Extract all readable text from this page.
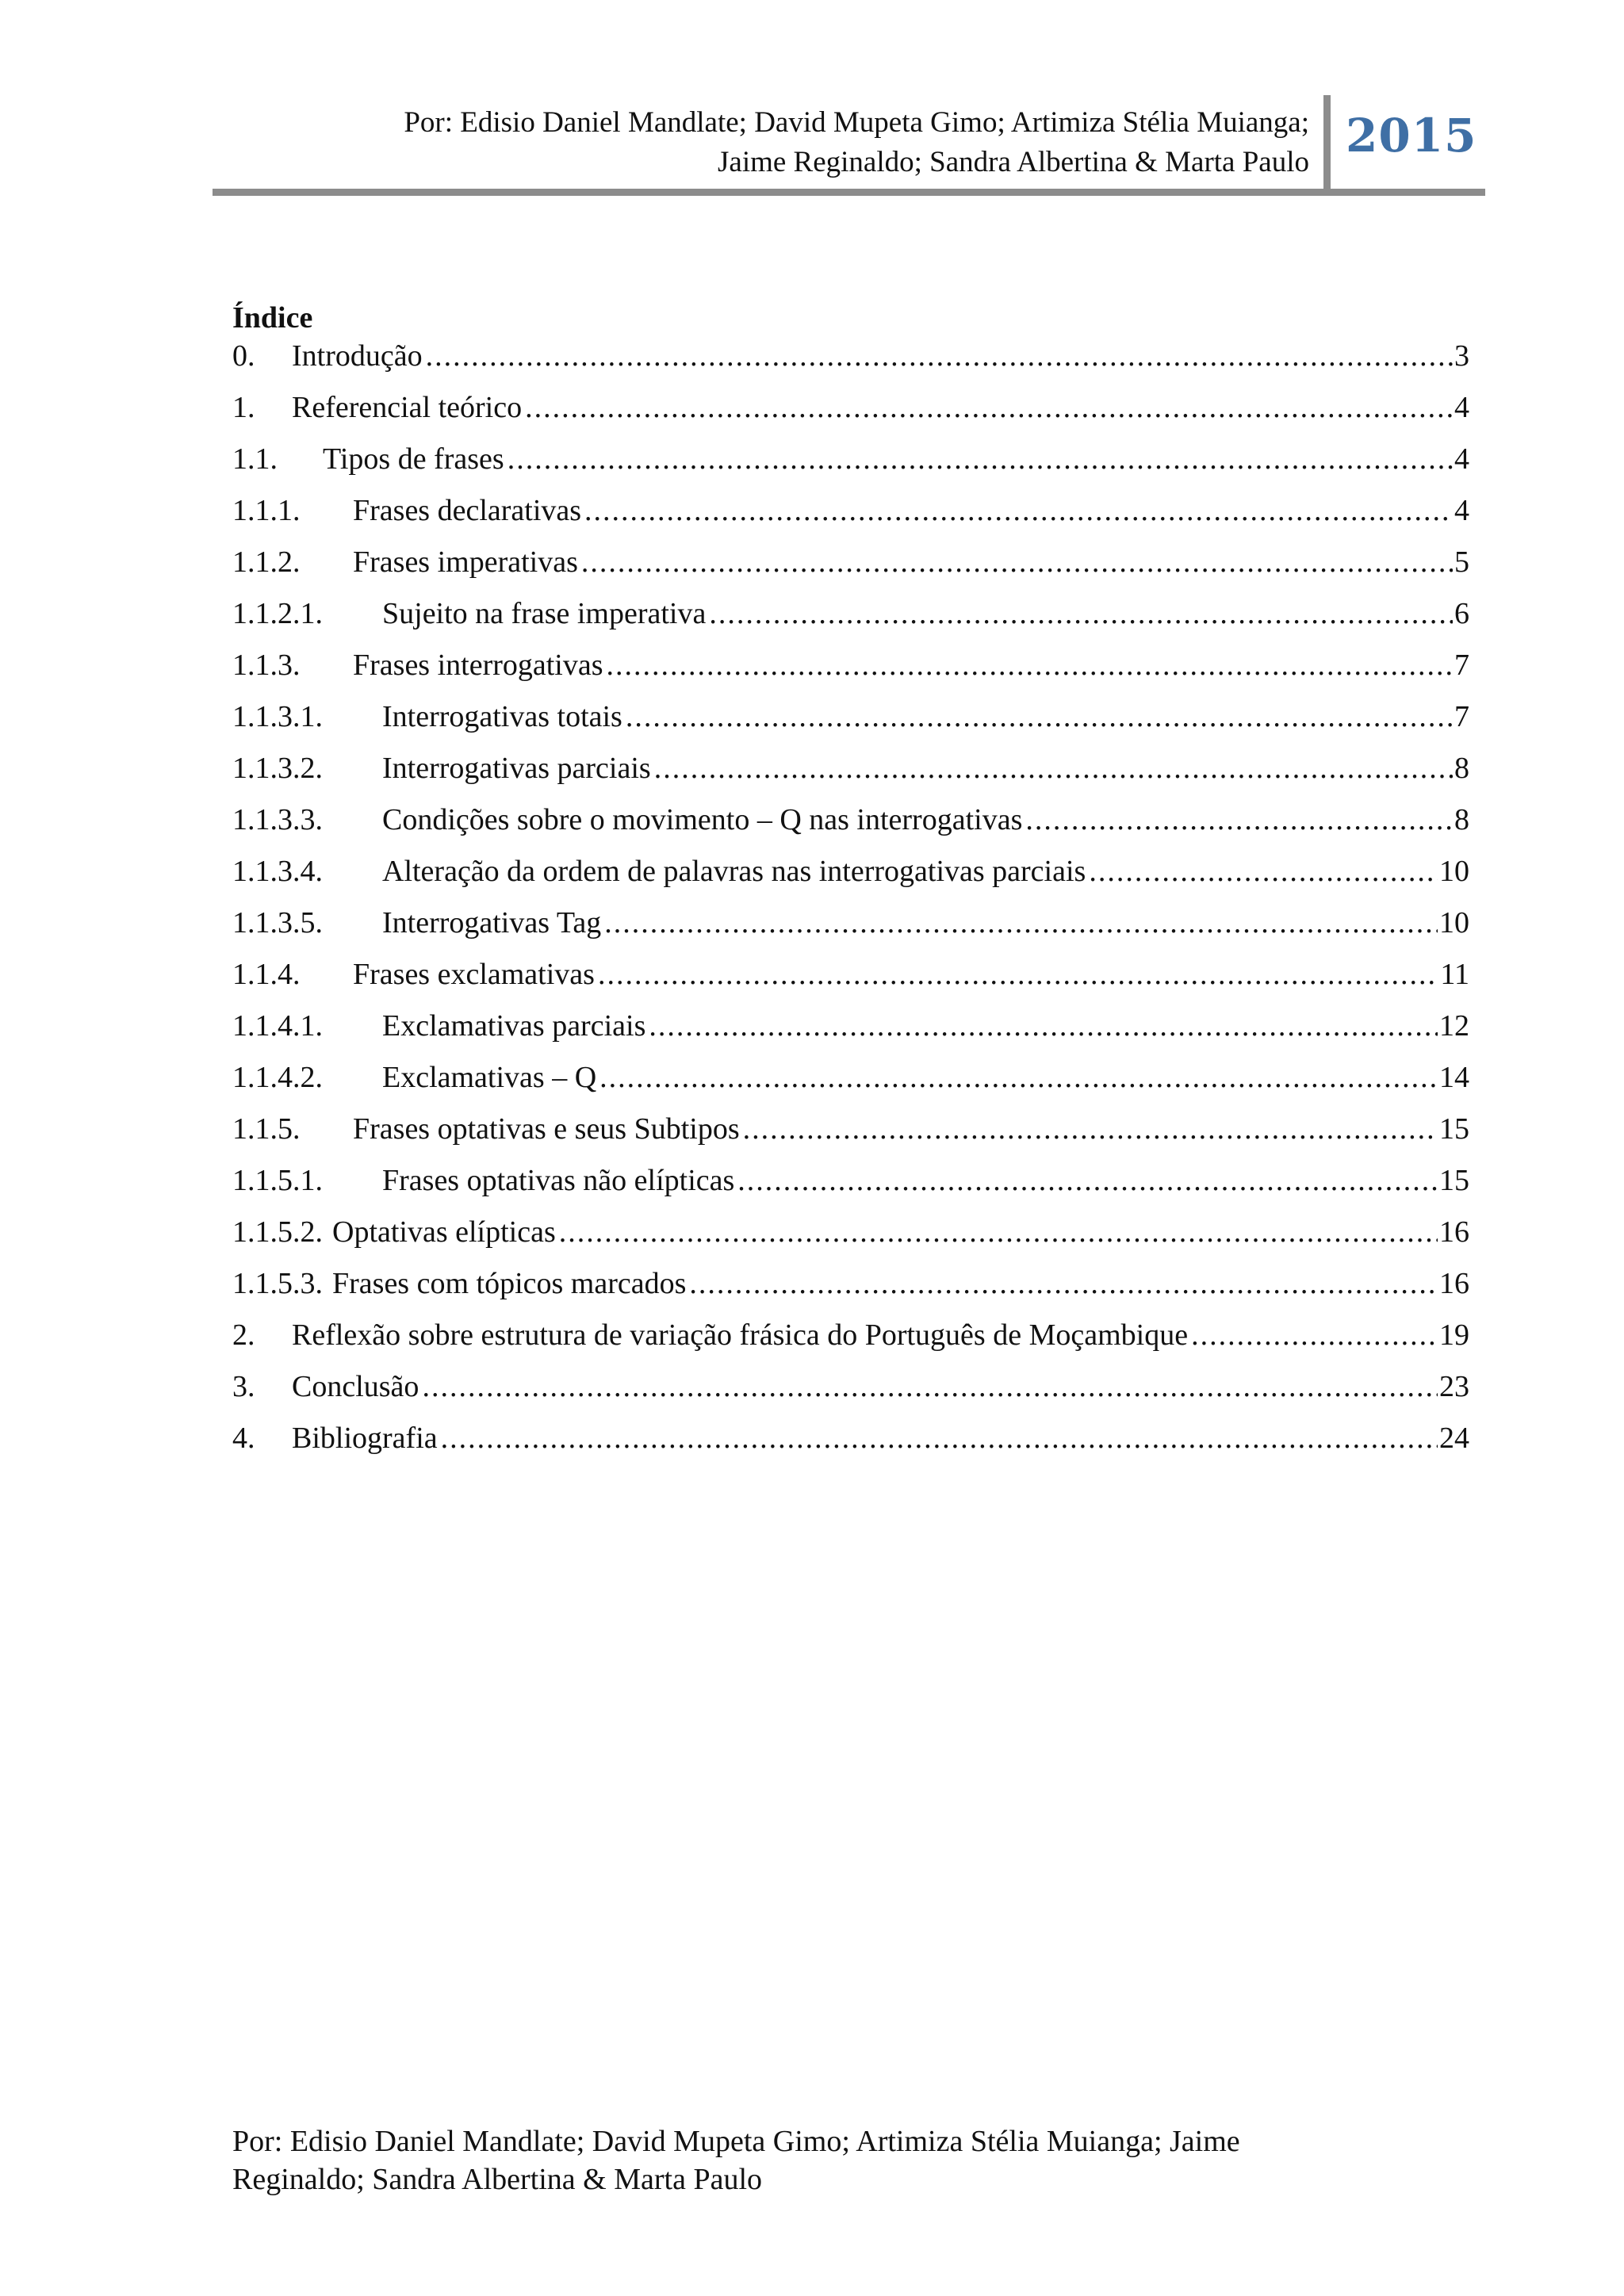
Por: Edisio Daniel Mandlate; David Mupeta Gimo; Artimiza Stélia Muianga;
Jaime Reginaldo; Sandra Albertina & Marta Paulo 2015
Índice
0.	Introdução .....	3
1.	Referencial teórico .....	4
1.1.	Tipos de frases .....	4
1.1.1.	Frases declarativas .....	4
1.1.2.	Frases imperativas .....	5
1.1.2.1.	Sujeito na frase imperativa .....	6
1.1.3.	Frases interrogativas .....	7
1.1.3.1.	Interrogativas totais .....	7
1.1.3.2.	Interrogativas parciais .....	8
1.1.3.3.	Condições sobre o movimento – Q nas interrogativas .....	8
1.1.3.4.	Alteração da ordem de palavras nas interrogativas parciais .....	10
1.1.3.5.	Interrogativas Tag .....	10
1.1.4.	Frases exclamativas .....	11
1.1.4.1.	Exclamativas parciais .....	12
1.1.4.2.	Exclamativas – Q .....	14
1.1.5.	Frases optativas e seus Subtipos .....	15
1.1.5.1.	Frases optativas não elípticas .....	15
1.1.5.2. Optativas elípticas .....	16
1.1.5.3. Frases com tópicos marcados .....	16
2.	Reflexão sobre estrutura de variação frásica do Português de Moçambique .....	19
3.	Conclusão .....	23
4.	Bibliografia .....	24
Por: Edisio Daniel Mandlate; David Mupeta Gimo; Artimiza Stélia Muianga; Jaime
Reginaldo; Sandra Albertina & Marta Paulo
